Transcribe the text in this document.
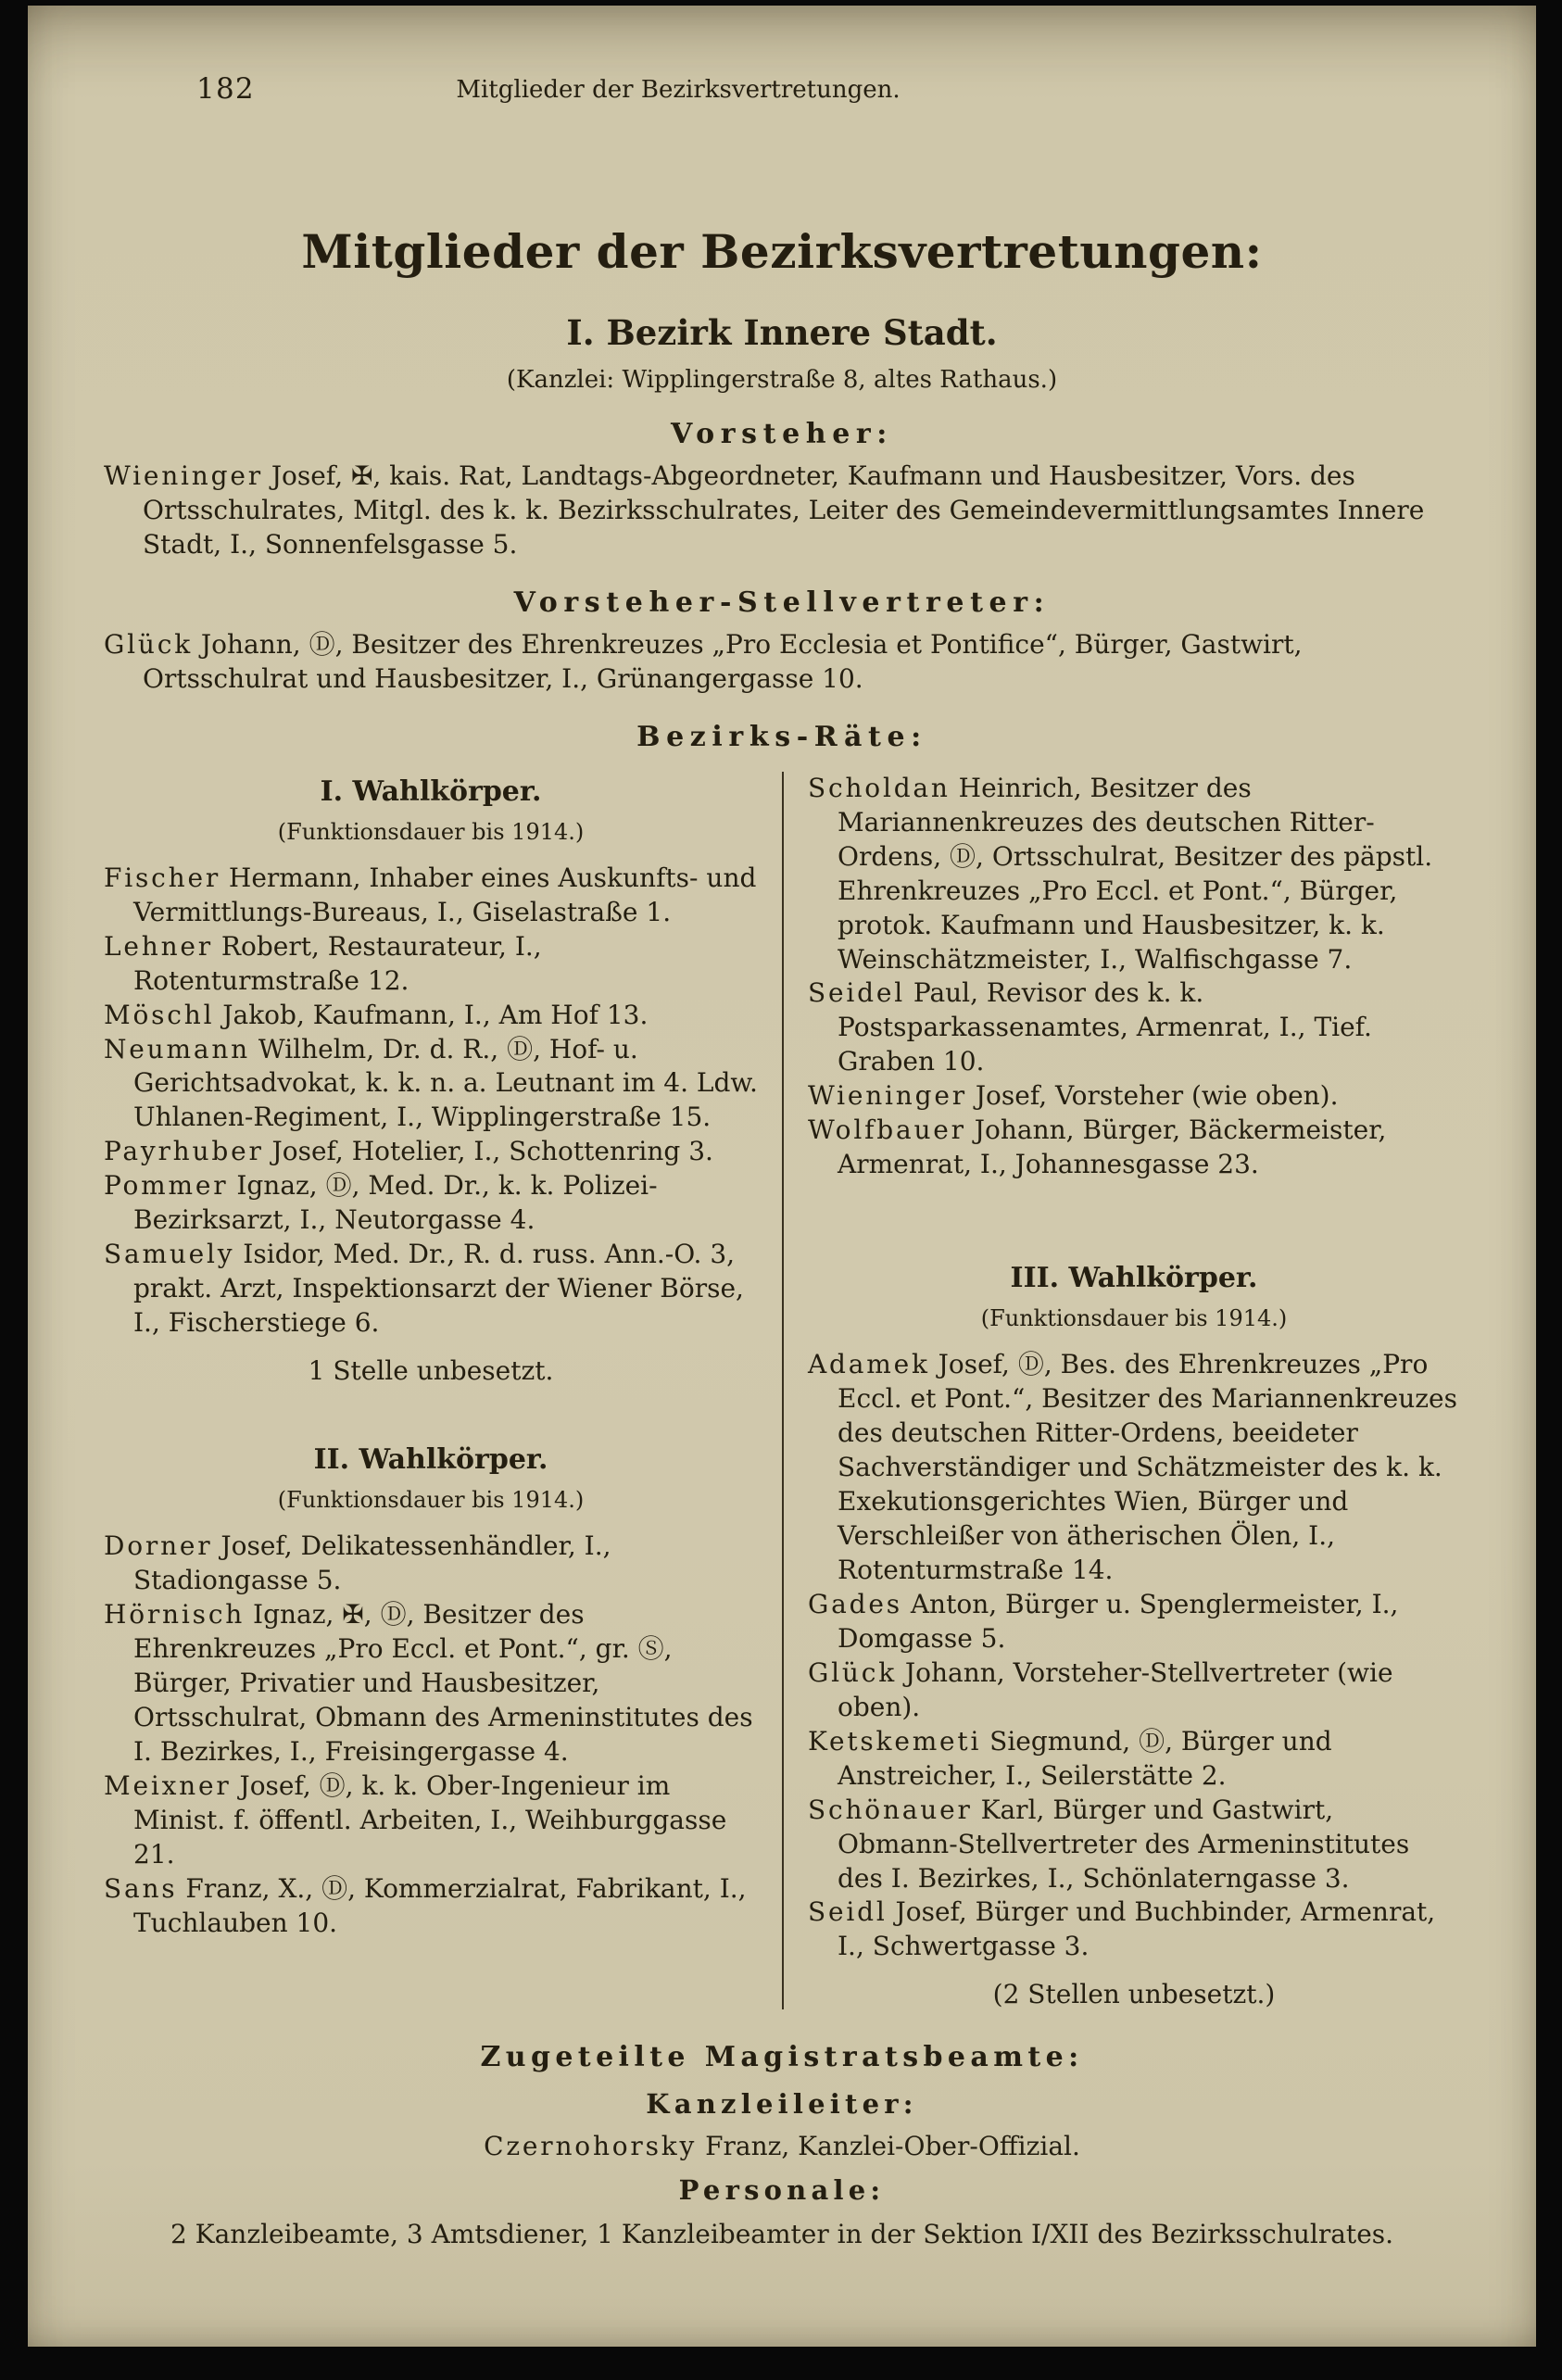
182	Mitglieder der Bezirksvertretungen.
Mitglieder der Bezirksvertretungen:
I. Bezirk Innere Stadt.

(Kanzlei: Wipplingerstraße 8, altes Rathaus.)

Vorsteher:

Wieninger Josef, ✠, kais. Rat, Landtags-Abgeordneter, Kaufmann und Hausbesitzer, Vors. des Ortsschulrates, Mitgl. des k. k. Bezirksschulrates, Leiter des Gemeindevermittlungsamtes Innere Stadt, I., Sonnenfelsgasse 5.

Vorsteher-Stellvertreter:

Glück Johann, Ⓓ, Besitzer des Ehrenkreuzes „Pro Ecclesia et Pontifice“, Bürger, Gastwirt, Ortsschulrat und Hausbesitzer, I., Grünangergasse 10.

Bezirks-Räte:
I. Wahlkörper.

(Funktionsdauer bis 1914.)

Fischer Hermann, Inhaber eines Auskunfts- und Vermittlungs-Bureaus, I., Giselastraße 1.

Lehner Robert, Restaurateur, I., Rotenturmstraße 12.

Möschl Jakob, Kaufmann, I., Am Hof 13.

Neumann Wilhelm, Dr. d. R., Ⓓ, Hof- u. Gerichtsadvokat, k. k. n. a. Leutnant im 4. Ldw. Uhlanen-Regiment, I., Wipplingerstraße 15.

Payrhuber Josef, Hotelier, I., Schottenring 3.

Pommer Ignaz, Ⓓ, Med. Dr., k. k. Polizei-Bezirksarzt, I., Neutorgasse 4.

Samuely Isidor, Med. Dr., R. d. russ. Ann.-O. 3, prakt. Arzt, Inspektionsarzt der Wiener Börse, I., Fischerstiege 6.

1 Stelle unbesetzt.

II. Wahlkörper.

(Funktionsdauer bis 1914.)

Dorner Josef, Delikatessenhändler, I., Stadiongasse 5.

Hörnisch Ignaz, ✠, Ⓓ, Besitzer des Ehrenkreuzes „Pro Eccl. et Pont.“, gr. Ⓢ, Bürger, Privatier und Hausbesitzer, Ortsschulrat, Obmann des Armeninstitutes des I. Bezirkes, I., Freisingergasse 4.

Meixner Josef, Ⓓ, k. k. Ober-Ingenieur im Minist. f. öffentl. Arbeiten, I., Weihburggasse 21.

Sans Franz, X., Ⓓ, Kommerzialrat, Fabrikant, I., Tuchlauben 10.

Scholdan Heinrich, Besitzer des Mariannenkreuzes des deutschen Ritter-Ordens, Ⓓ, Ortsschulrat, Besitzer des päpstl. Ehrenkreuzes „Pro Eccl. et Pont.“, Bürger, protok. Kaufmann und Hausbesitzer, k. k. Weinschätzmeister, I., Walfischgasse 7.

Seidel Paul, Revisor des k. k. Postsparkassenamtes, Armenrat, I., Tief. Graben 10.

Wieninger Josef, Vorsteher (wie oben).

Wolfbauer Johann, Bürger, Bäckermeister, Armenrat, I., Johannesgasse 23.

III. Wahlkörper.

(Funktionsdauer bis 1914.)

Adamek Josef, Ⓓ, Bes. des Ehrenkreuzes „Pro Eccl. et Pont.“, Besitzer des Mariannenkreuzes des deutschen Ritter-Ordens, beeideter Sachverständiger und Schätzmeister des k. k. Exekutionsgerichtes Wien, Bürger und Verschleißer von ätherischen Ölen, I., Rotenturmstraße 14.

Gades Anton, Bürger u. Spenglermeister, I., Domgasse 5.

Glück Johann, Vorsteher-Stellvertreter (wie oben).

Ketskemeti Siegmund, Ⓓ, Bürger und Anstreicher, I., Seilerstätte 2.

Schönauer Karl, Bürger und Gastwirt, Obmann-Stellvertreter des Armeninstitutes des I. Bezirkes, I., Schönlaterngasse 3.

Seidl Josef, Bürger und Buchbinder, Armenrat, I., Schwertgasse 3.

(2 Stellen unbesetzt.)

Zugeteilte Magistratsbeamte:
Kanzleileiter:

Czernohorsky Franz, Kanzlei-Ober-Offizial.

Personale:

2 Kanzleibeamte, 3 Amtsdiener, 1 Kanzleibeamter in der Sektion I/XII des Bezirksschulrates.
